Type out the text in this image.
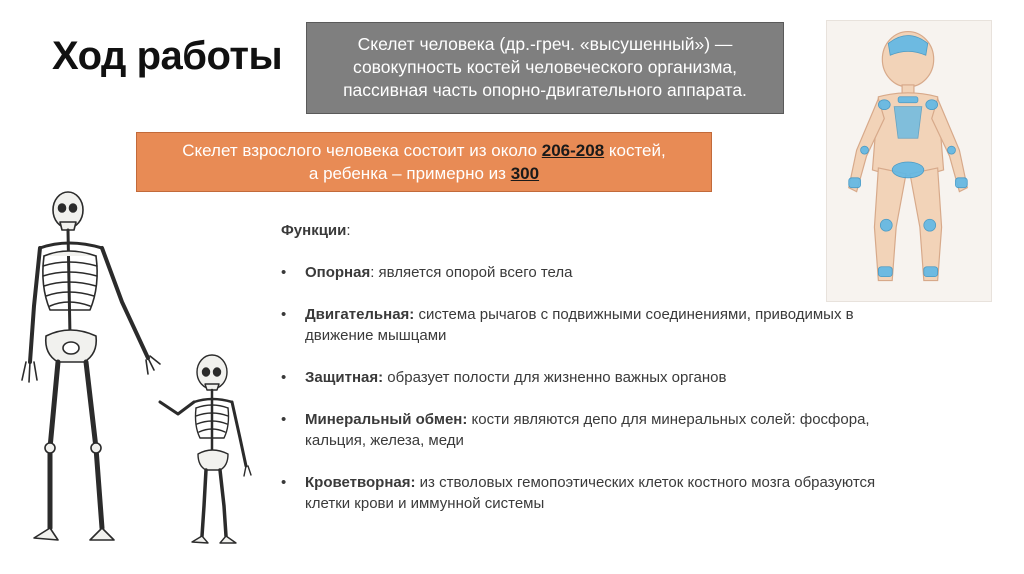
Ход работы	Скелет человека (др.-греч. «высушенный») —
совокупность костей человеческого организма,
пассивная часть опорно-двигательного аппарата.
Скелет взрослого человека состоит из около 206-208 костей,
а ребенка – примерно из 300
Функции:
• Опорная: является опорой всего тела
• Двигательная: система рычагов с подвижными соединениями, приводимых в движение мышцами
• Защитная: образует полости для жизненно важных органов
• Минеральный обмен: кости являются депо для минеральных солей: фосфора, кальция, железа, меди
• Кроветворная: из стволовых гемопоэтических клеток костного мозга образуются клетки крови и иммунной системы
